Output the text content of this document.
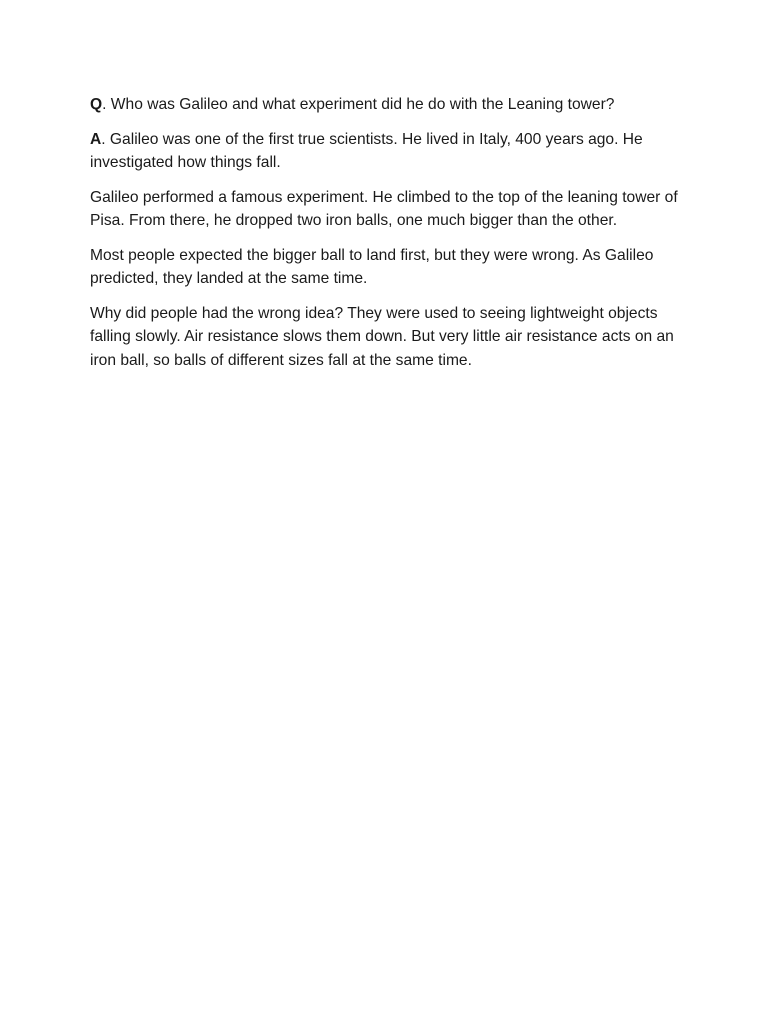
Q. Who was Galileo and what experiment did he do with the Leaning tower?

A. Galileo was one of the first true scientists. He lived in Italy, 400 years ago. He investigated how things fall.

Galileo performed a famous experiment. He climbed to the top of the leaning tower of Pisa. From there, he dropped two iron balls, one much bigger than the other.

Most people expected the bigger ball to land first, but they were wrong. As Galileo predicted, they landed at the same time.

Why did people had the wrong idea? They were used to seeing lightweight objects falling slowly. Air resistance slows them down. But very little air resistance acts on an iron ball, so balls of different sizes fall at the same time.
